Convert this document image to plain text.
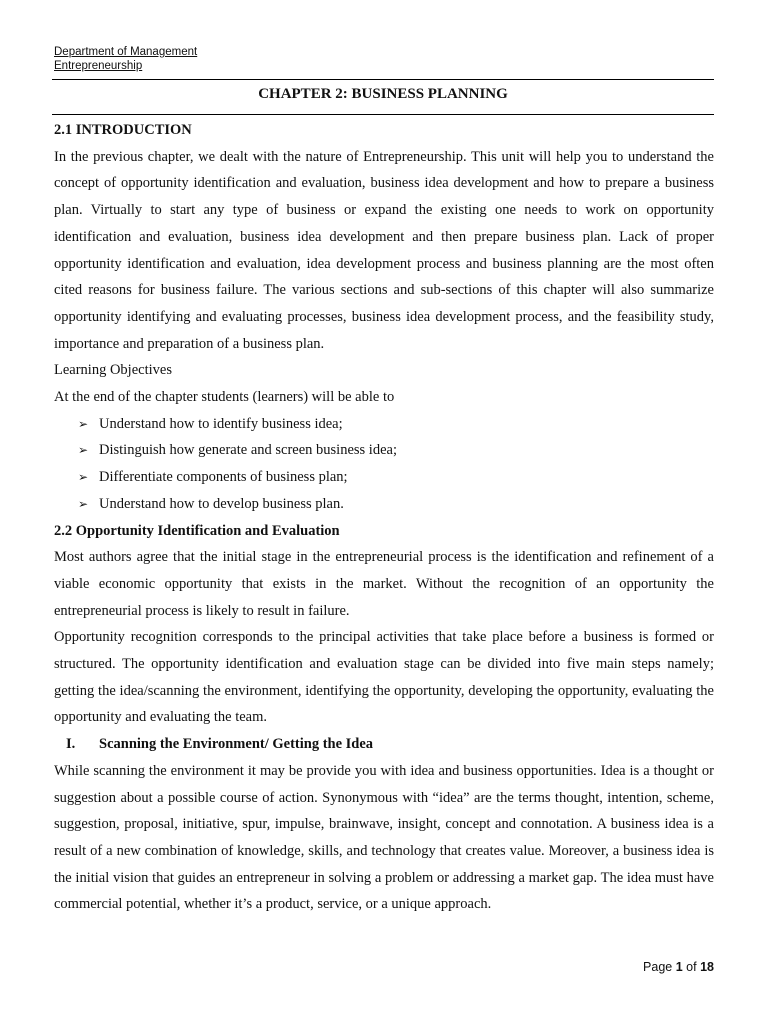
Department of Management
Entrepreneurship
CHAPTER 2: BUSINESS PLANNING

2.1 INTRODUCTION

In the previous chapter, we dealt with the nature of Entrepreneurship. This unit will help you to understand the concept of opportunity identification and evaluation, business idea development and how to prepare a business plan. Virtually to start any type of business or expand the existing one needs to work on opportunity identification and evaluation, business idea development and then prepare business plan. Lack of proper opportunity identification and evaluation, idea development process and business planning are the most often cited reasons for business failure. The various sections and sub-sections of this chapter will also summarize opportunity identifying and evaluating processes, business idea development process, and the feasibility study, importance and preparation of a business plan.

Learning Objectives

At the end of the chapter students (learners) will be able to

➢ Understand how to identify business idea;
➢ Distinguish how generate and screen business idea;
➢ Differentiate components of business plan;
➢ Understand how to develop business plan.

2.2 Opportunity Identification and Evaluation

Most authors agree that the initial stage in the entrepreneurial process is the identification and refinement of a viable economic opportunity that exists in the market. Without the recognition of an opportunity the entrepreneurial process is likely to result in failure.

Opportunity recognition corresponds to the principal activities that take place before a business is formed or structured. The opportunity identification and evaluation stage can be divided into five main steps namely; getting the idea/scanning the environment, identifying the opportunity, developing the opportunity, evaluating the opportunity and evaluating the team.

I. Scanning the Environment/ Getting the Idea

While scanning the environment it may be provide you with idea and business opportunities. Idea is a thought or suggestion about a possible course of action. Synonymous with “idea” are the terms thought, intention, scheme, suggestion, proposal, initiative, spur, impulse, brainwave, insight, concept and connotation. A business idea is a result of a new combination of knowledge, skills, and technology that creates value. Moreover, a business idea is the initial vision that guides an entrepreneur in solving a problem or addressing a market gap. The idea must have commercial potential, whether it’s a product, service, or a unique approach.

Page 1 of 18
